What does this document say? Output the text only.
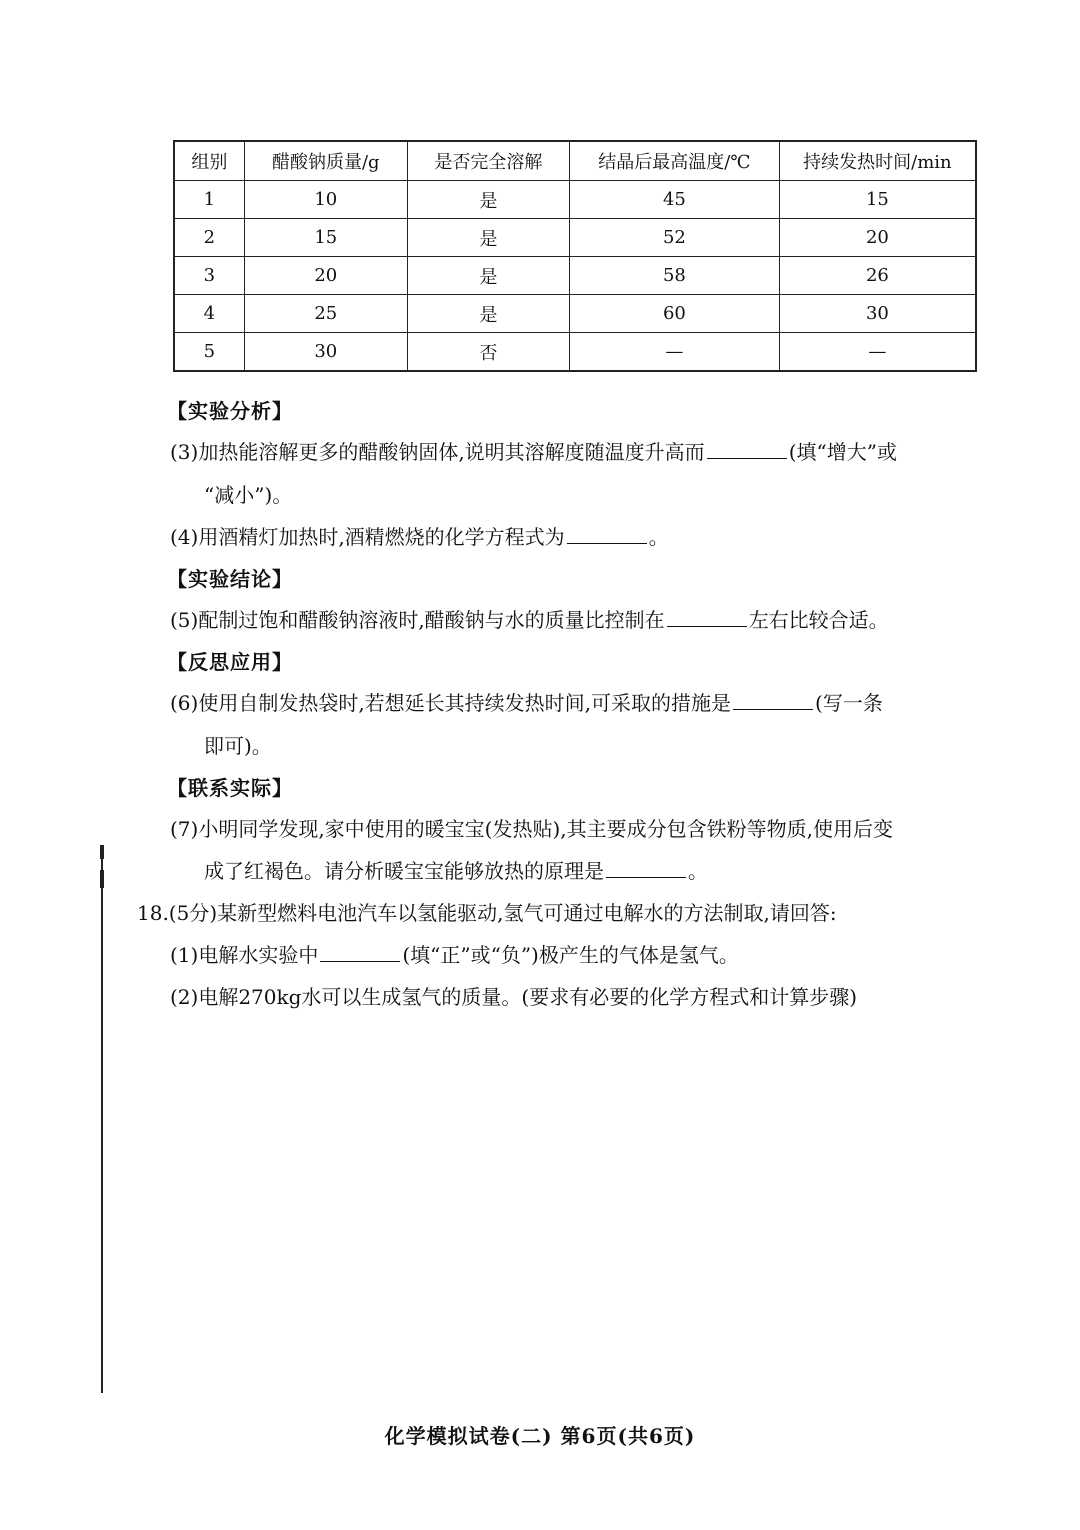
组别	醋酸钠质量/g	是否完全溶解	结晶后最高温度/℃	持续发热时间/min
1	10	是	45	15
2	15	是	52	20
3	20	是	58	26
4	25	是	60	30
5	30	否	—	—
【实验分析】
(3)加热能溶解更多的醋酸钠固体,说明其溶解度随温度升高而	(填“增大”或
“减小”)。
(4)用酒精灯加热时,酒精燃烧的化学方程式为	。
【实验结论】
(5)配制过饱和醋酸钠溶液时,醋酸钠与水的质量比控制在	左右比较合适。
【反思应用】
(6)使用自制发热袋时,若想延长其持续发热时间,可采取的措施是	(写一条
即可)。
【联系实际】
(7)小明同学发现,家中使用的暖宝宝(发热贴),其主要成分包含铁粉等物质,使用后变
成了红褐色。请分析暖宝宝能够放热的原理是	。
18.(5分)某新型燃料电池汽车以氢能驱动,氢气可通过电解水的方法制取,请回答:
(1)电解水实验中	(填“正”或“负”)极产生的气体是氢气。
(2)电解270kg水可以生成氢气的质量。(要求有必要的化学方程式和计算步骤)
化学模拟试卷(二) 第6页(共6页)
